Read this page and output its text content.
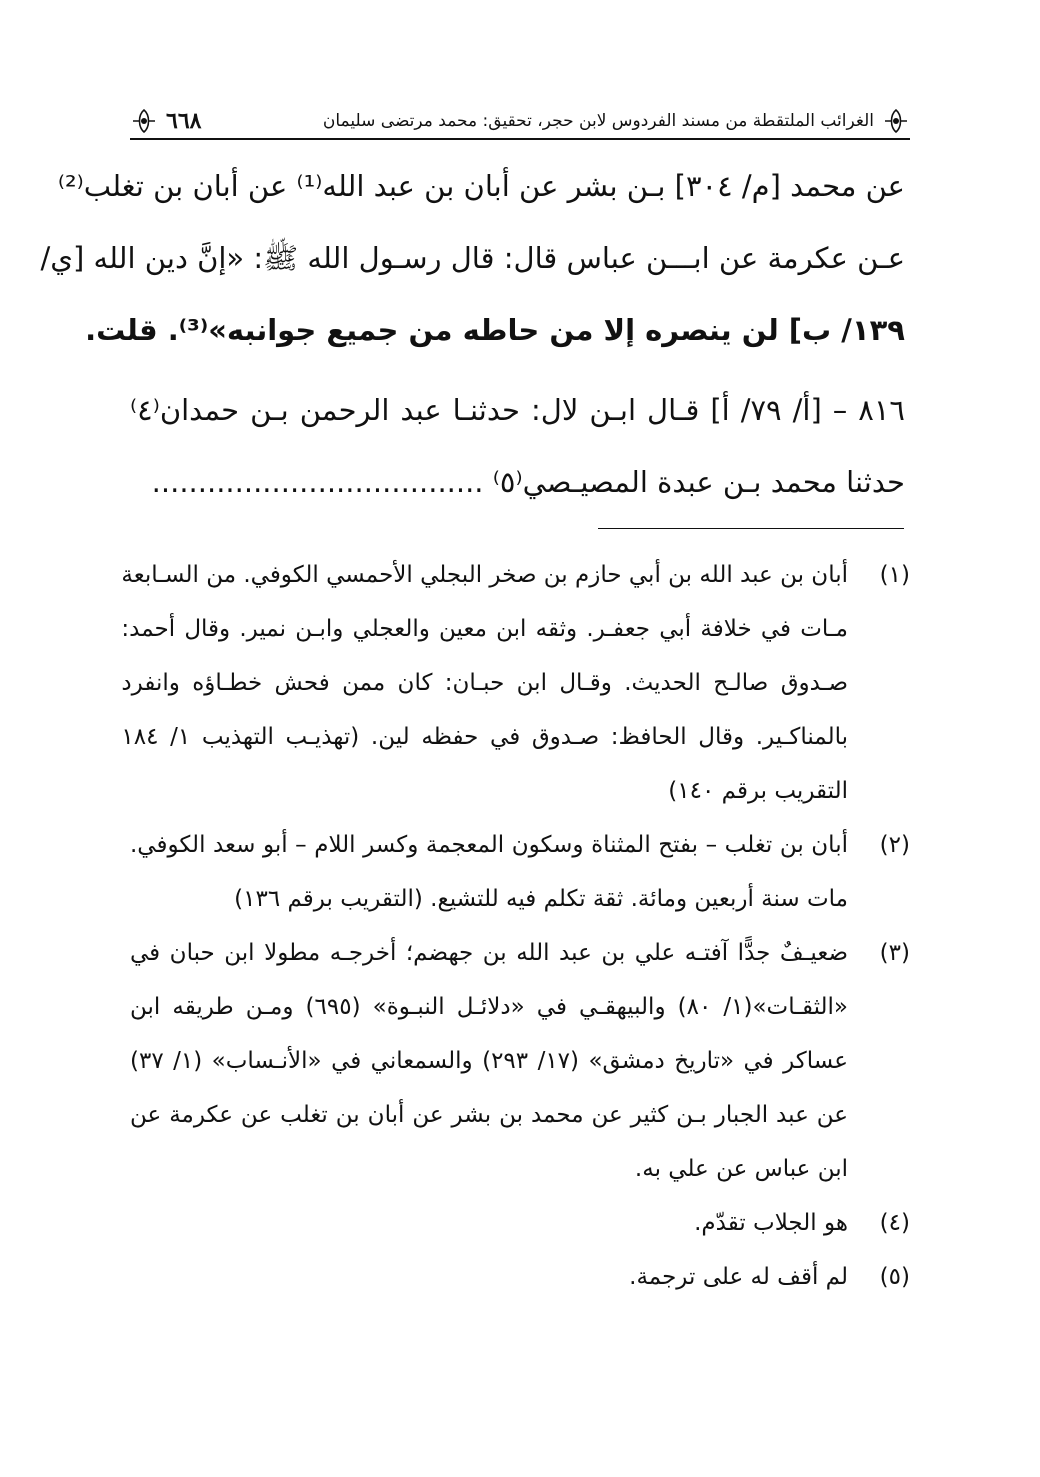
الغرائب الملتقطة من مسند الفردوس لابن حجر، تحقيق: محمد مرتضى سليمان
٦٦٨
عن محمد [م/ ٣٠٤] بـن بشر عن أبان بن عبد الله⁽¹⁾ عن أبان بن تغلب⁽²⁾
عـن عكرمة عن ابـــن عباس قال: قال رسـول الله ﷺ: «إنَّ دين الله [ي/
١٣٩/ ب] لن ينصره إلا من حاطه من جميع جوانبه»⁽³⁾. قلت.
٨١٦ – [أ/ ٧٩/ أ] قـال ابـن لال: حدثنـا عبد الرحمن بـن حمدان⁽٤⁾
حدثنا محمد بـن عبدة المصيـصي⁽٥⁾ ....................................
(١)
أبان بن عبد الله بن أبي حازم بن صخر البجلي الأحمسي الكوفي. من السـابعة
مـات في خلافة أبي جعفـر. وثقه ابن معين والعجلي وابـن نمير. وقال أحمد:
صـدوق صالـح الحديث. وقـال ابن حبـان: كان ممن فحش خطـاؤه وانفرد
بالمناكـير. وقال الحافظ: صـدوق في حفظه لين. (تهذيـب التهذيب ١/ ١٨٤
التقريب برقم ١٤٠)
(٢)
أبان بن تغلب – بفتح المثناة وسكون المعجمة وكسر اللام – أبو سعد الكوفي.
مات سنة أربعين ومائة. ثقة تكلم فيه للتشيع. (التقريب برقم ١٣٦)
(٣)
ضعيـفٌ جدًّا آفتـه علي بن عبد الله بن جهضم؛ أخرجـه مطولا ابن حبان في
«الثقـات»(١/ ٨٠) والبيهقـي في «دلائـل النبـوة» (٦٩٥) ومـن طريقه ابن
عساكر في «تاريخ دمشق» (١٧/ ٢٩٣) والسمعاني في «الأنـساب» (١/ ٣٧)
عن عبد الجبار بـن كثير عن محمد بن بشر عن أبان بن تغلب عن عكرمة عن
ابن عباس عن علي به.
(٤)
هو الجلاب تقدّم.
(٥)
لم أقف له على ترجمة.
